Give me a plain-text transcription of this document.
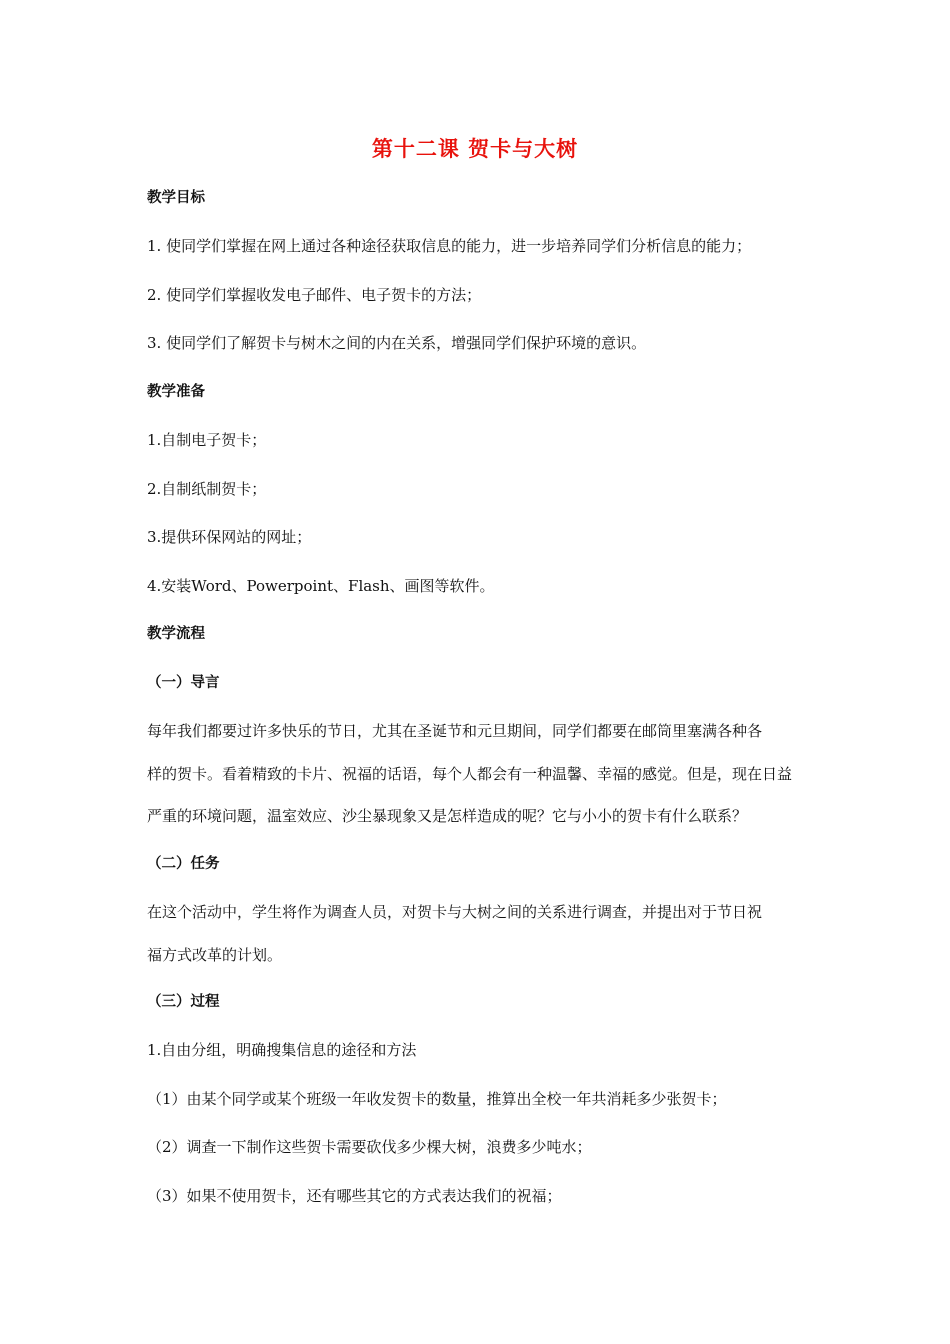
第十二课 贺卡与大树
教学目标
1. 使同学们掌握在网上通过各种途径获取信息的能力，进一步培养同学们分析信息的能力；
2. 使同学们掌握收发电子邮件、电子贺卡的方法；
3. 使同学们了解贺卡与树木之间的内在关系，增强同学们保护环境的意识。
教学准备
1.自制电子贺卡；
2.自制纸制贺卡；
3.提供环保网站的网址；
4.安装Word、Powerpoint、Flash、画图等软件。
教学流程
（一）导言
每年我们都要过许多快乐的节日，尤其在圣诞节和元旦期间，同学们都要在邮筒里塞满各种各
样的贺卡。看着精致的卡片、祝福的话语，每个人都会有一种温馨、幸福的感觉。但是，现在日益
严重的环境问题，温室效应、沙尘暴现象又是怎样造成的呢？它与小小的贺卡有什么联系？
（二）任务
在这个活动中，学生将作为调查人员，对贺卡与大树之间的关系进行调查，并提出对于节日祝
福方式改革的计划。
（三）过程
1.自由分组，明确搜集信息的途径和方法
（1）由某个同学或某个班级一年收发贺卡的数量，推算出全校一年共消耗多少张贺卡；
（2）调查一下制作这些贺卡需要砍伐多少棵大树，浪费多少吨水；
（3）如果不使用贺卡，还有哪些其它的方式表达我们的祝福；
